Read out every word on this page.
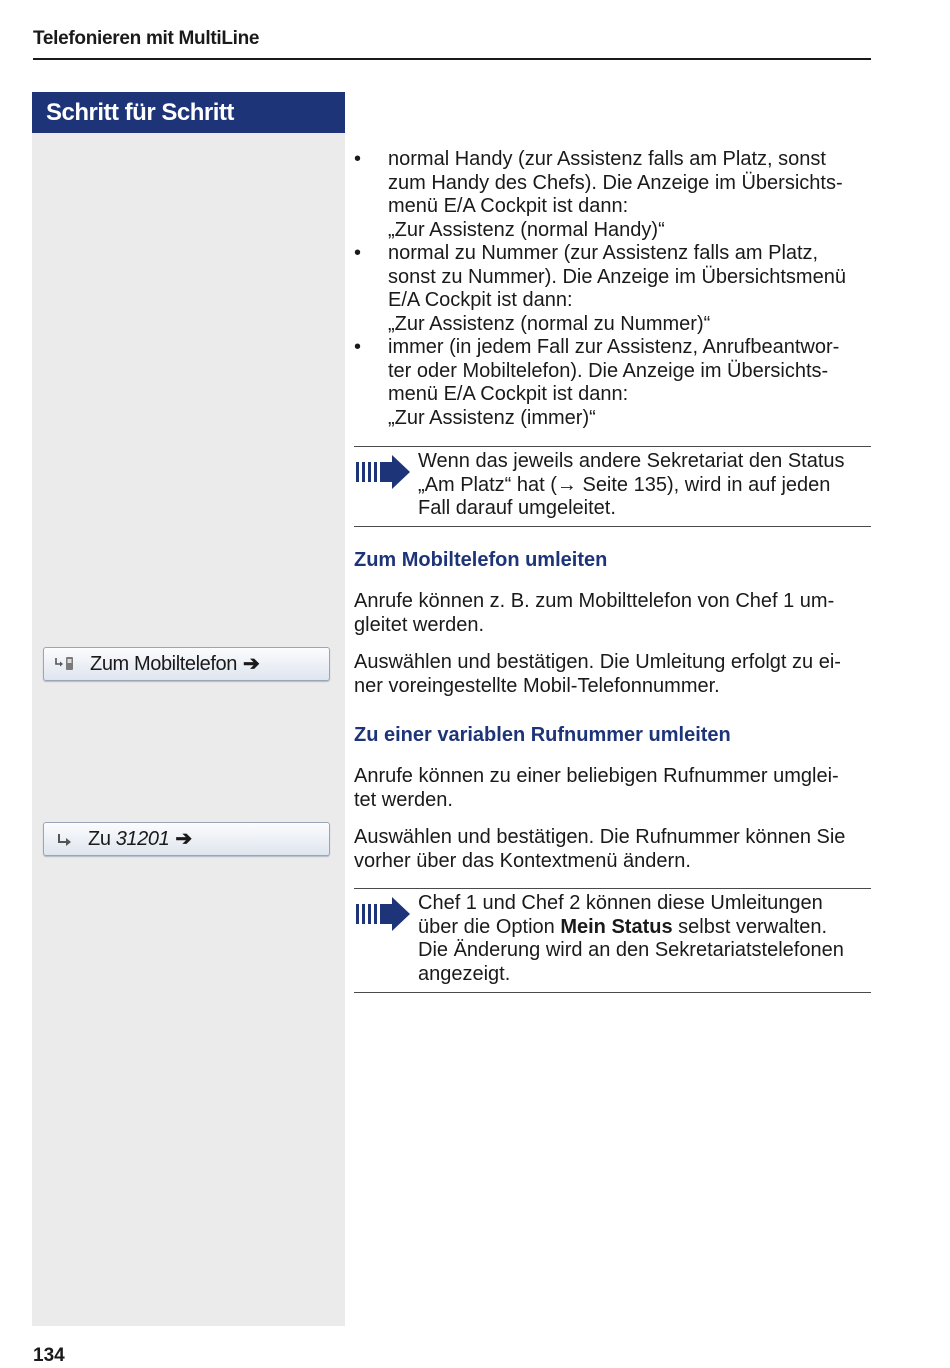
Telefonieren mit MultiLine
Schritt für Schritt
• normal Handy (zur Assistenz falls am Platz, sonst
zum Handy des Chefs). Die Anzeige im Übersichts-
menü E/A Cockpit ist dann:
„Zur Assistenz (normal Handy)“
• normal zu Nummer (zur Assistenz falls am Platz,
sonst zu Nummer). Die Anzeige im Übersichtsmenü
E/A Cockpit ist dann:
„Zur Assistenz (normal zu Nummer)“
• immer (in jedem Fall zur Assistenz, Anrufbeantwor-
ter oder Mobiltelefon). Die Anzeige im Übersichts-
menü E/A Cockpit ist dann:
„Zur Assistenz (immer)“
Wenn das jeweils andere Sekretariat den Status
„Am Platz“ hat (→ Seite 135), wird in auf jeden
Fall darauf umgeleitet.
Zum Mobiltelefon umleiten
Anrufe können z. B. zum Mobilttelefon von Chef 1 um-
gleitet werden.
Zum Mobiltelefon ➔	Auswählen und bestätigen. Die Umleitung erfolgt zu ei-
ner voreingestellte Mobil-Telefonnummer.
Zu einer variablen Rufnummer umleiten
Anrufe können zu einer beliebigen Rufnummer umglei-
tet werden.
Zu 31201 ➔	Auswählen und bestätigen. Die Rufnummer können Sie
vorher über das Kontextmenü ändern.
Chef 1 und Chef 2 können diese Umleitungen
über die Option Mein Status selbst verwalten.
Die Änderung wird an den Sekretariatstelefonen
angezeigt.
134
